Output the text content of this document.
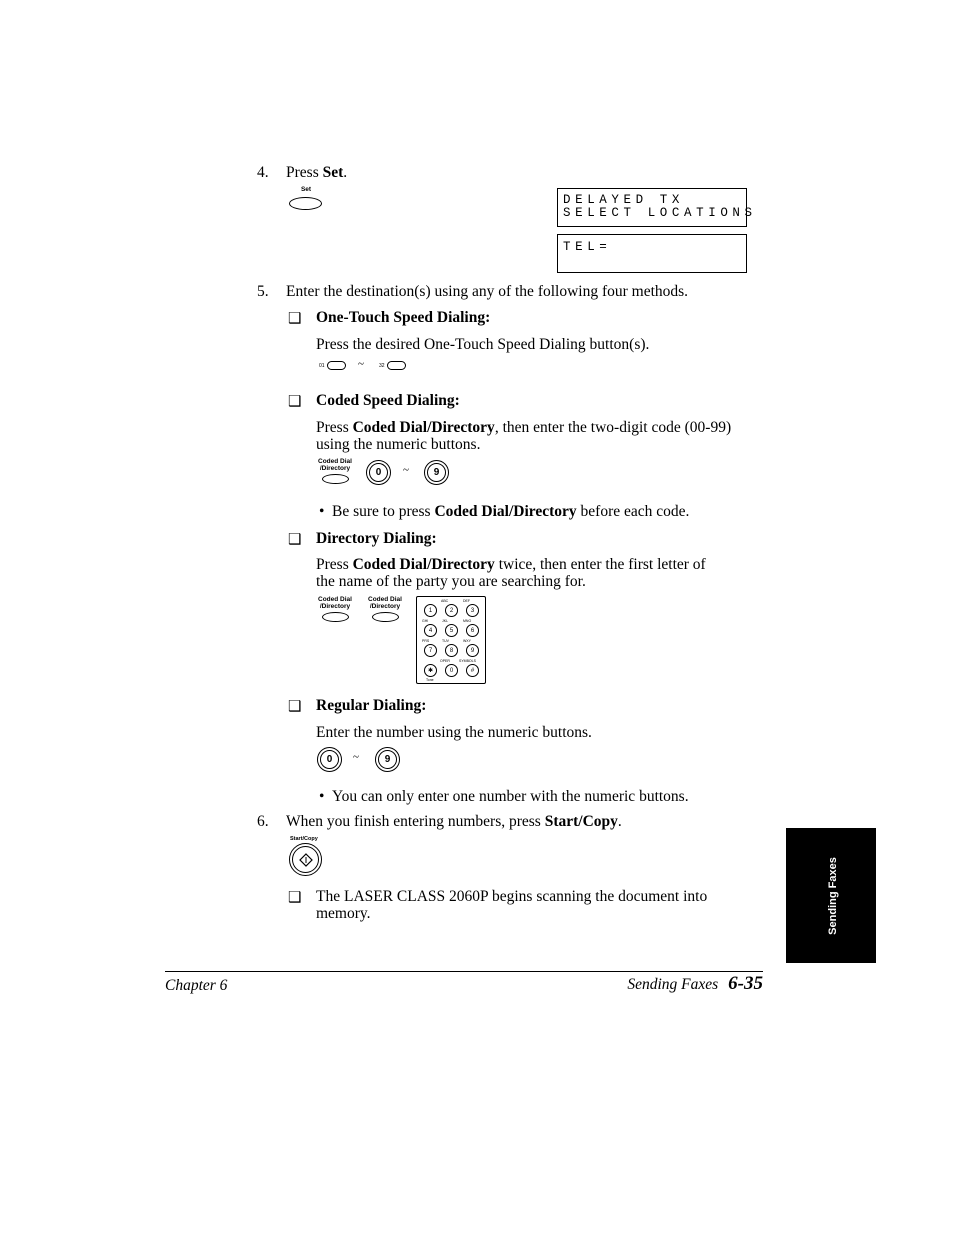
4. Press Set.
Set
DELAYED TX
SELECT LOCATIONS
TEL=
5. Enter the destination(s) using any of the following four methods.
❑ One-Touch Speed Dialing:
Press the desired One-Touch Speed Dialing button(s).
01	~	32
❑ Coded Speed Dialing:
Press Coded Dial/Directory, then enter the two-digit code (00-99)
using the numeric buttons.
Coded Dial
/Directory	0 ~ 9
• Be sure to press Coded Dial/Directory before each code.
❑ Directory Dialing:
Press Coded Dial/Directory twice, then enter the first letter of
the name of the party you are searching for.
Coded Dial
/Directory
Coded Dial
/Directory
ABC	DEF
1	2	3
GHI	JKL	MNO
4	5	6
PRS	TUV	WXY
7	8	9
OPER	SYMBOLS
✱	0	#
Tone
❑ Regular Dialing:
Enter the number using the numeric buttons.
0 ~	9
• You can only enter one number with the numeric buttons.
6. When you finish entering numbers, press Start/Copy.
Start/Copy
❑ The LASER CLASS 2060P begins scanning the document into
memory.	Sending Faxes
Chapter 6	Sending Faxes 6-35
